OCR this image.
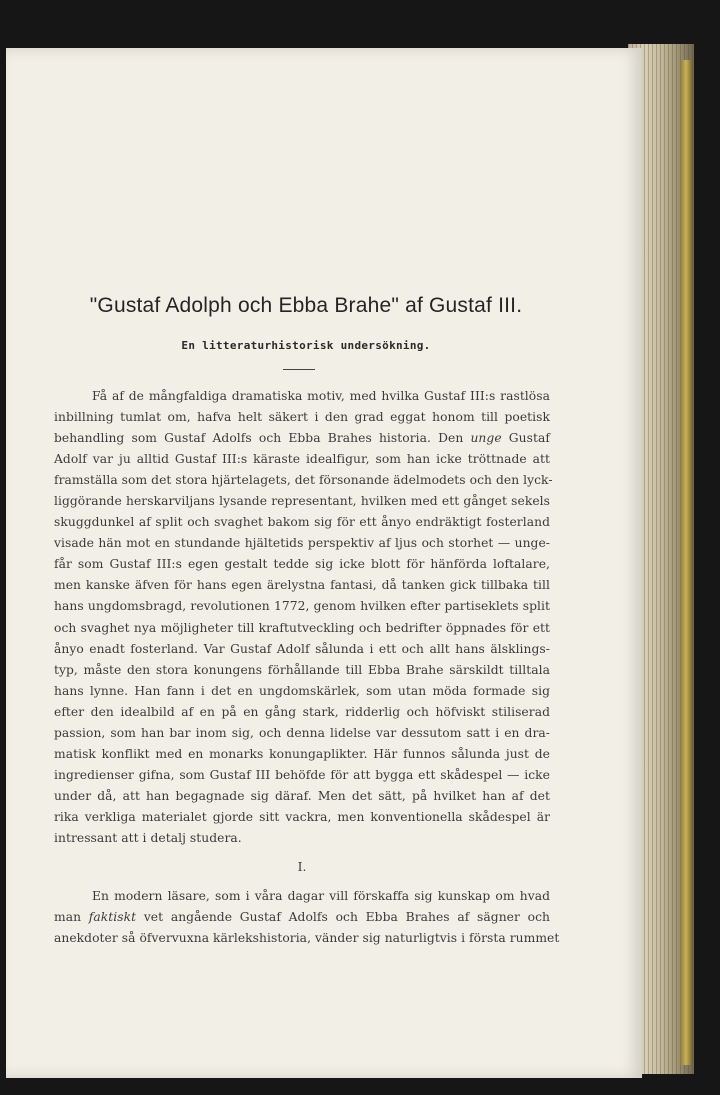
"Gustaf Adolph och Ebba Brahe" af Gustaf III.
En litteraturhistorisk undersökning.
Få af de mångfaldiga dramatiska motiv, med hvilka Gustaf III:s rastlösa
inbillning tumlat om, hafva helt säkert i den grad eggat honom till poetisk
behandling som Gustaf Adolfs och Ebba Brahes historia. Den unge Gustaf
Adolf var ju alltid Gustaf III:s käraste idealfigur, som han icke tröttnade att
framställa som det stora hjärtelagets, det försonande ädelmodets och den lyck-
liggörande herskarviljans lysande representant, hvilken med ett gånget sekels
skuggdunkel af split och svaghet bakom sig för ett ånyo endräktigt fosterland
visade hän mot en stundande hjältetids perspektiv af ljus och storhet — unge-
får som Gustaf III:s egen gestalt tedde sig icke blott för hänförda loftalare,
men kanske äfven för hans egen ärelystna fantasi, då tanken gick tillbaka till
hans ungdomsbragd, revolutionen 1772, genom hvilken efter partiseklets split
och svaghet nya möjligheter till kraftutveckling och bedrifter öppnades för ett
ånyo enadt fosterland. Var Gustaf Adolf sålunda i ett och allt hans älsklings-
typ, måste den stora konungens förhållande till Ebba Brahe särskildt tilltala
hans lynne. Han fann i det en ungdomskärlek, som utan möda formade sig
efter den idealbild af en på en gång stark, ridderlig och höfviskt stiliserad
passion, som han bar inom sig, och denna lidelse var dessutom satt i en dra-
matisk konflikt med en monarks konungaplikter. Här funnos sålunda just de
ingredienser gifna, som Gustaf III behöfde för att bygga ett skådespel — icke
under då, att han begagnade sig däraf. Men det sätt, på hvilket han af det
rika verkliga materialet gjorde sitt vackra, men konventionella skådespel är
intressant att i detalj studera.
I.
En modern läsare, som i våra dagar vill förskaffa sig kunskap om hvad
man faktiskt vet angående Gustaf Adolfs och Ebba Brahes af sägner och
anekdoter så öfvervuxna kärlekshistoria, vänder sig naturligtvis i första rummet
